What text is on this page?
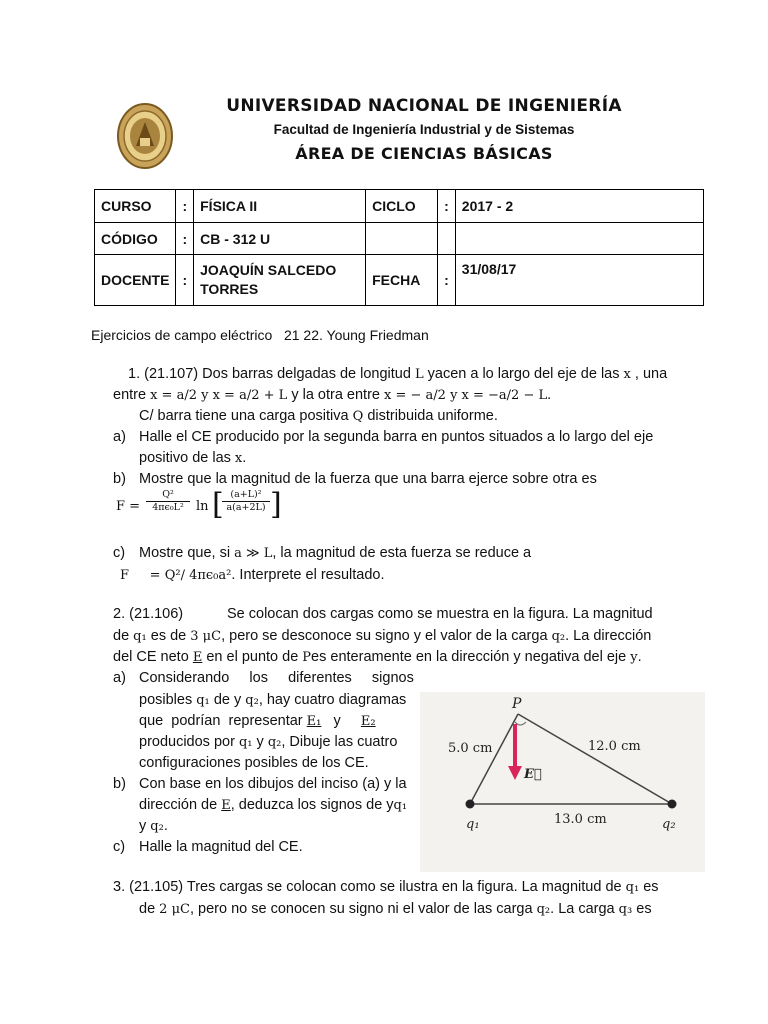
UNIVERSIDAD NACIONAL DE INGENIERÍA
Facultad de Ingeniería Industrial y de Sistemas
ÁREA DE CIENCIAS BÁSICAS
CURSO	:	FÍSICA II	CICLO	:	2017 - 2
CÓDIGO	:	CB - 312 U			
DOCENTE	:	JOAQUÍN SALCEDO TORRES	FECHA	:	31/08/17
Ejercicios de campo eléctrico   21 22. Young Friedman
1. (21.107) Dos barras delgadas de longitud L yacen a lo largo del eje de las x , una
entre x = a/2 y x = a/2 + L y la otra entre x = − a/2 y x = −a/2 − L.
C/ barra tiene una carga positiva Q distribuida uniforme.
a) Halle el CE producido por la segunda barra en puntos situados a lo largo del eje
positivo de las x.
b) Mostre que la magnitud de la fuerza que una barra ejerce sobre otra es
$F = \frac{\text{Q²}}{\text{4πϵ₀L²}}$ ln [
$\frac{\text{(a+L)²}}{a(a+2L)}$ ]
c) Mostre que, si a ≫ L, la magnitud de esta fuerza se reduce a
F     = Q²/ 4πϵ₀a². Interprete el resultado.
2. (21.106)	Se colocan dos cargas como se muestra en la figura. La magnitud
de q₁ es de 3 μC, pero se desconoce su signo y el valor de la carga q₂. La dirección
del CE neto E en el punto de Pes enteramente en la dirección y negativa del eje y.
a) Considerando     los     diferentes     signos
posibles q₁ de y q₂, hay cuatro diagramas
que  podrían  representar E₁ y E₂
producidos por q₁ y q₂, Dibuje las cuatro
configuraciones posibles de los CE.
b) Con base en los dibujos del inciso (a) y la
dirección de E, deduzca los signos de yq₁
y q₂.
c) Halle la magnitud del CE.
P
5.0 cm	12.0 cm
13.0 cm
q₁	q₂
E⃗
3. (21.105) Tres cargas se colocan como se ilustra en la figura. La magnitud de q₁ es
de 2 μC, pero no se conocen su signo ni el valor de las carga q₂. La carga q₃ es
